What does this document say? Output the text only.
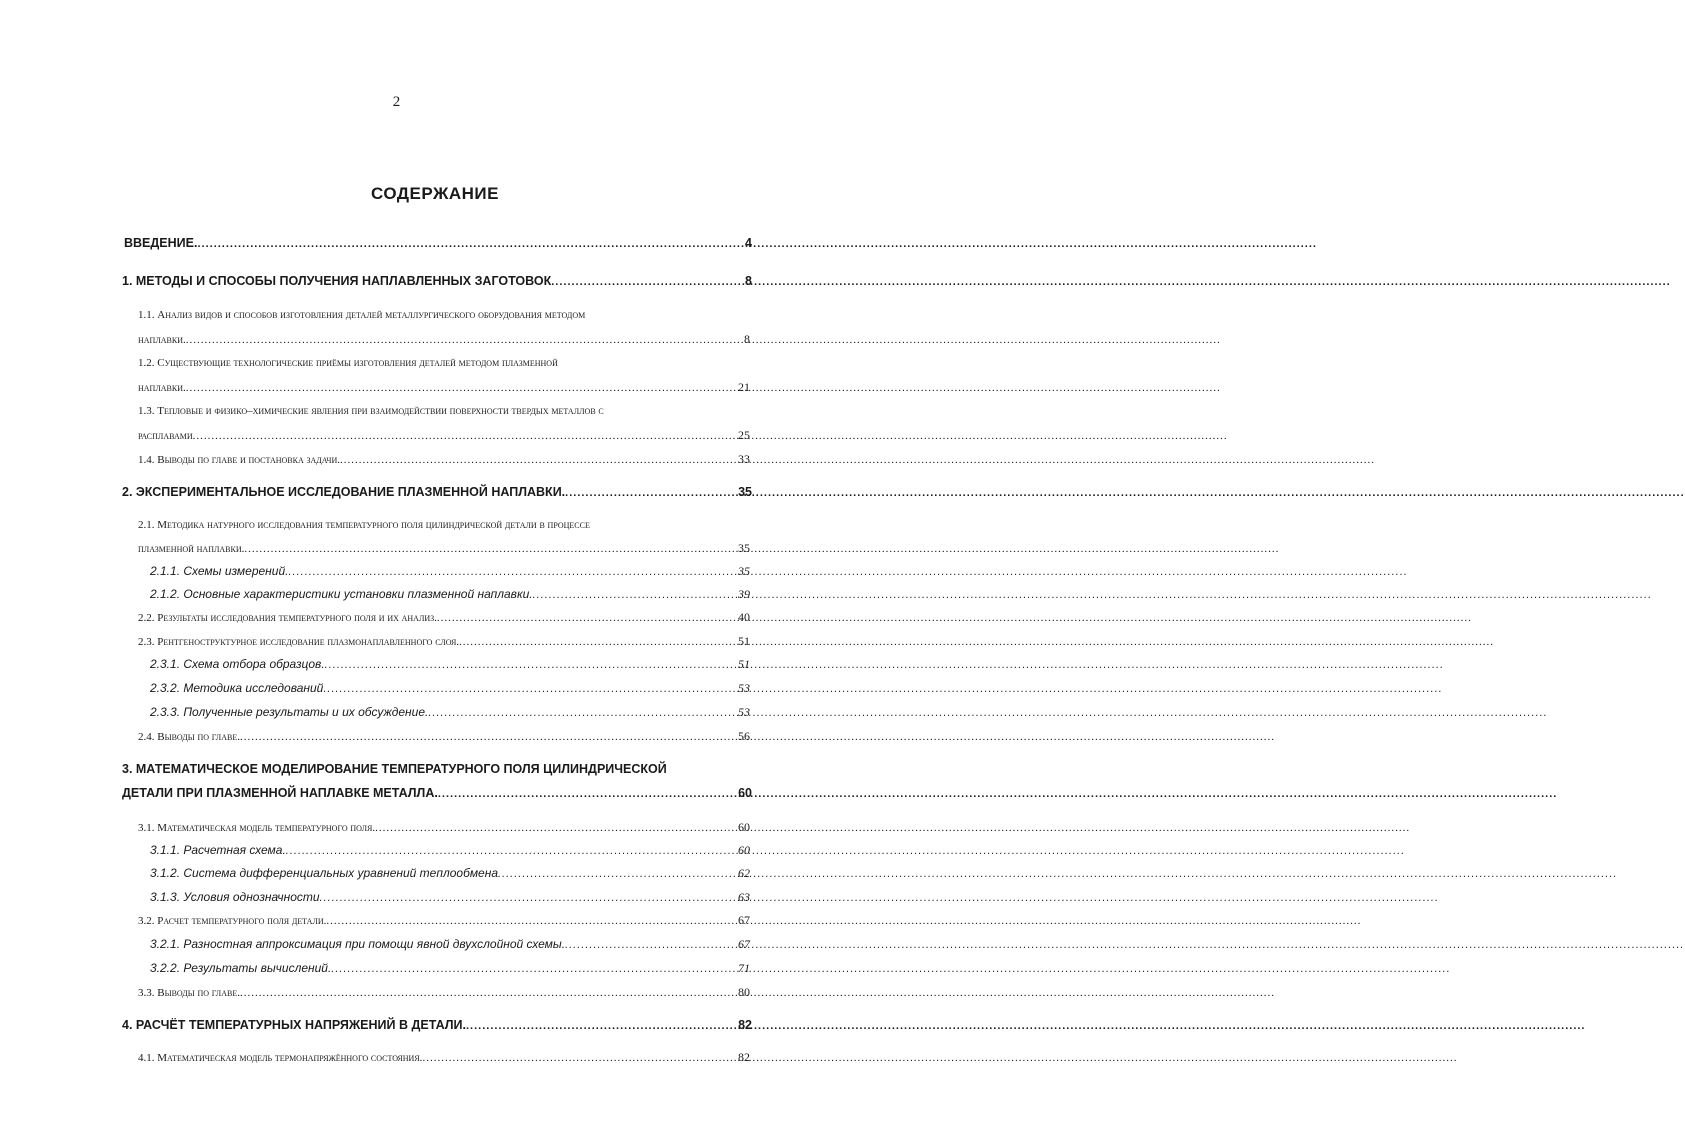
2
СОДЕРЖАНИЕ
ВВЕДЕНИЕ. .....	4
1. МЕТОДЫ И СПОСОБЫ ПОЛУЧЕНИЯ НАПЛАВЛЕННЫХ ЗАГОТОВОК .....	8
1.1. Анализ видов и способов изготовления деталей металлургического оборудования методом
наплавки. .....	8
1.2. Существующие технологические приёмы изготовления деталей методом плазменной
наплавки. .....	21
1.3. Тепловые и физико–химические явления при взаимодействии поверхности твердых металлов с
расплавами .....	25
1.4. Выводы по главе и постановка задачи. .....	33
2. ЭКСПЕРИМЕНТАЛЬНОЕ ИССЛЕДОВАНИЕ ПЛАЗМЕННОЙ НАПЛАВКИ. .....	35
2.1. Методика натурного исследования температурного поля цилиндрической детали в процессе
плазменной наплавки. .....	35
2.1.1. Схемы измерений. .....	35
2.1.2. Основные характеристики установки плазменной наплавки. .....	39
2.2. Результаты исследования температурного поля и их анализ. .....	40
2.3. Рентгеноструктурное исследование плазмонаплавленного слоя. .....	51
2.3.1. Схема отбора образцов. .....	51
2.3.2. Методика исследований .....	53
2.3.3. Полученные результаты и их обсуждение. .....	53
2.4. Выводы по главе. .....	56
3. МАТЕМАТИЧЕСКОЕ МОДЕЛИРОВАНИЕ ТЕМПЕРАТУРНОГО ПОЛЯ ЦИЛИНДРИЧЕСКОЙ
ДЕТАЛИ ПРИ ПЛАЗМЕННОЙ НАПЛАВКЕ МЕТАЛЛА. .....	60
3.1. Математическая модель температурного поля. .....	60
3.1.1. Расчетная схема. .....	60
3.1.2. Система дифференциальных уравнений теплообмена .....	62
3.1.3. Условия однозначности .....	63
3.2. Расчет температурного поля детали. .....	67
3.2.1. Разностная аппроксимация при помощи явной двухслойной схемы. .....	67
3.2.2. Результаты вычислений. .....	71
3.3. Выводы по главе. .....	80
4. РАСЧЁТ ТЕМПЕРАТУРНЫХ НАПРЯЖЕНИЙ В ДЕТАЛИ. .....	82
4.1. Математическая модель термонапряжённого состояния. .....	82
